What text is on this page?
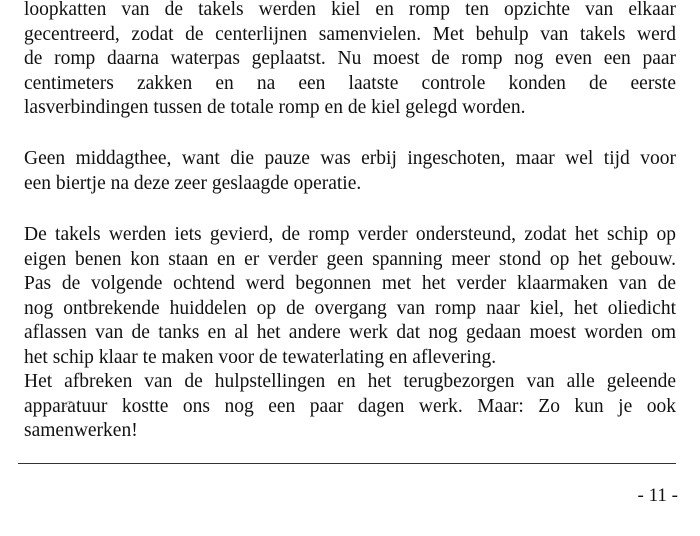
loopkatten van de takels werden kiel en romp ten opzichte van elkaar
gecentreerd, zodat de centerlijnen samenvielen. Met behulp van takels werd
de romp daarna waterpas geplaatst. Nu moest de romp nog even een paar
centimeters zakken en na een laatste controle konden de eerste
lasverbindingen tussen de totale romp en de kiel gelegd worden.
Geen middagthee, want die pauze was erbij ingeschoten, maar wel tijd voor
een biertje na deze zeer geslaagde operatie.
De takels werden iets gevierd, de romp verder ondersteund, zodat het schip op
eigen benen kon staan en er verder geen spanning meer stond op het gebouw.
Pas de volgende ochtend werd begonnen met het verder klaarmaken van de
nog ontbrekende huiddelen op de overgang van romp naar kiel, het oliedicht
aflassen van de tanks en al het andere werk dat nog gedaan moest worden om
het schip klaar te maken voor de tewaterlating en aflevering.
Het afbreken van de hulpstellingen en het terugbezorgen van alle geleende
apparatuur kostte ons nog een paar dagen werk. Maar: Zo kun je ook
samenwerken!
- 11 -
